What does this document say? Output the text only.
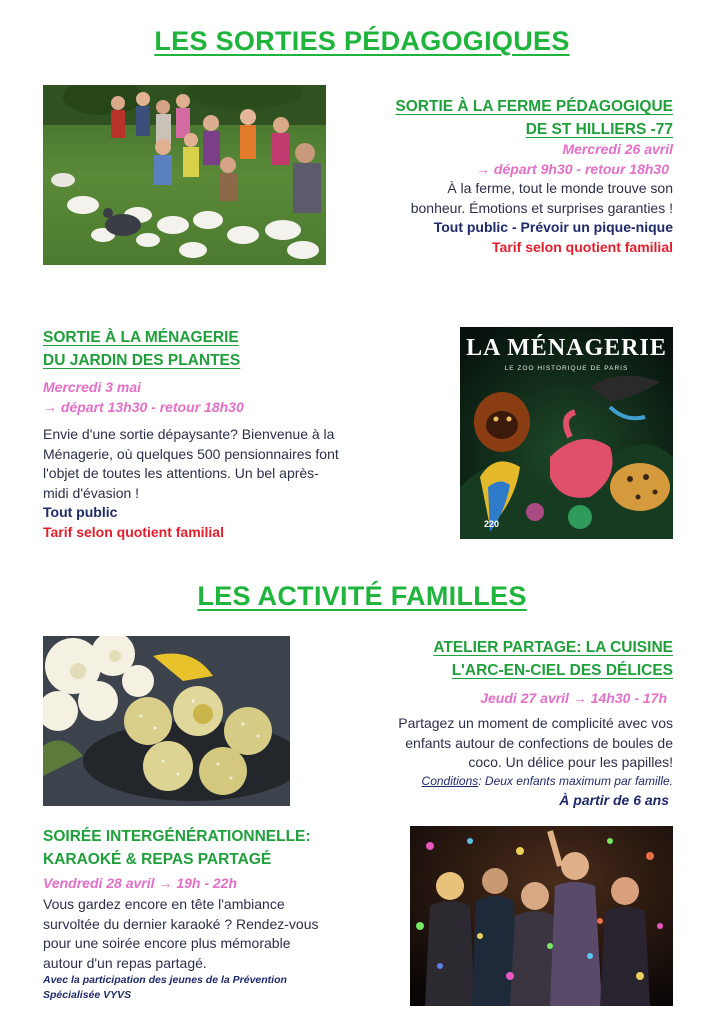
LES SORTIES PÉDAGOGIQUES
SORTIE À LA FERME PÉDAGOGIQUE
DE ST HILLIERS -77
Mercredi 26 avril
→ départ 9h30 - retour 18h30
À la ferme, tout le monde trouve son
bonheur. Émotions et surprises garanties !
Tout public - Prévoir un pique-nique
Tarif selon quotient familial
SORTIE À LA MÉNAGERIE
DU JARDIN DES PLANTES
Mercredi 3 mai
→ départ 13h30 - retour 18h30
Envie d'une sortie dépaysante? Bienvenue à la
Ménagerie, où quelques 500 pensionnaires font
l'objet de toutes les attentions. Un bel après-
midi d'évasion !
Tout public
Tarif selon quotient familial
LA MÉNAGERIE
LE ZOO HISTORIQUE DE PARIS
220
LES ACTIVITÉ FAMILLES
ATELIER PARTAGE: LA CUISINE
L'ARC-EN-CIEL DES DÉLICES
Jeudi 27 avril → 14h30 - 17h
Partagez un moment de complicité avec vos
enfants autour de confections de boules de
coco. Un délice pour les papilles!
Conditions: Deux enfants maximum par famille.
À partir de 6 ans
SOIRÉE INTERGÉNÉRATIONNELLE:
KARAOKÉ & REPAS PARTAGÉ
Vendredi 28 avril → 19h - 22h
Vous gardez encore en tête l'ambiance
survoltée du dernier karaoké ? Rendez-vous
pour une soirée encore plus mémorable
autour d'un repas partagé.
Avec la participation des jeunes de la Prévention
Spécialisée VYVS
